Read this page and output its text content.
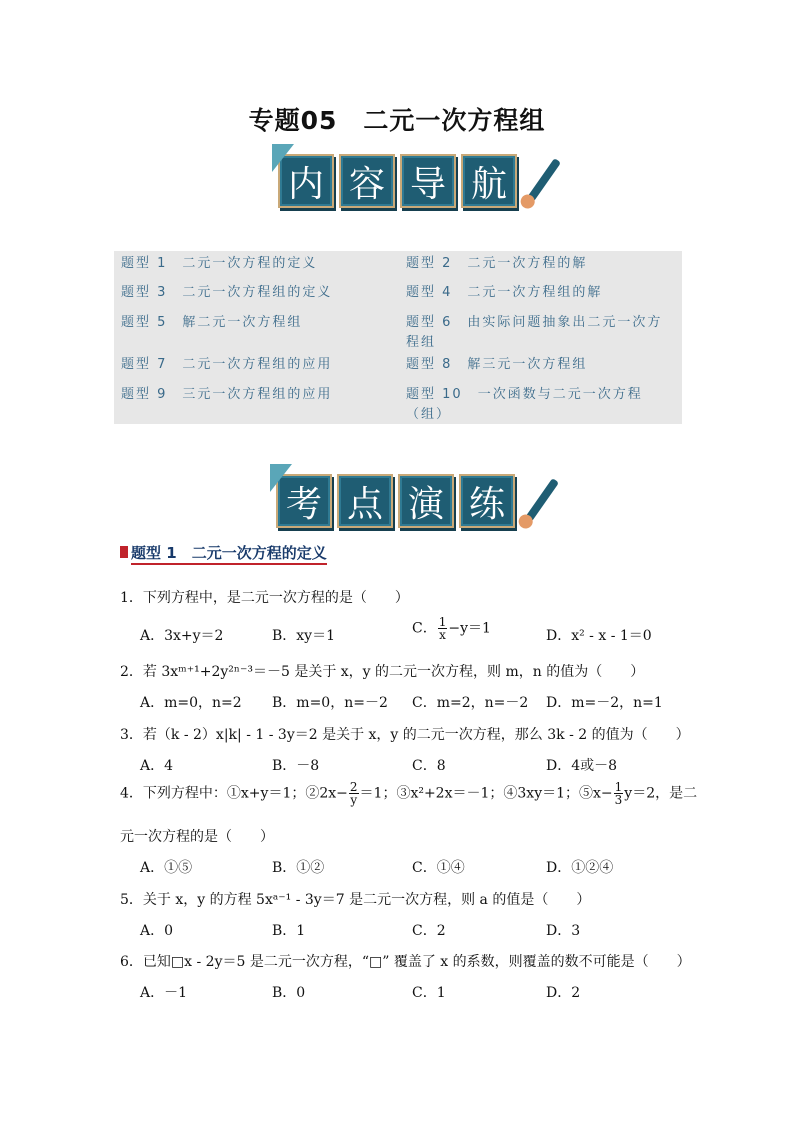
专题05　二元一次方程组
内 容 导 航
题型 1　 二元一次方程的定义	题型 2　 二元一次方程的解
题型 3　 二元一次方程组的定义	题型 4　 二元一次方程组的解
题型 5　 解二元一次方程组	题型 6　 由实际问题抽象出二元一次方程组
题型 7　 二元一次方程组的应用	题型 8　 解三元一次方程组
题型 9　 三元一次方程组的应用	题型 10　 一次函数与二元一次方程（组）
考 点 演 练
题型 1　 二元一次方程的定义
1．下列方程中，是二元一次方程的是（　　）
A．3x+y＝2	B．xy＝1	C． $\frac{1}{x} -y=1$	D．x² - x - 1＝0
2．若 3xᵐ⁺¹+2y²ⁿ⁻³＝－5 是关于 x，y 的二元一次方程，则 m，n 的值为（　　）
A．m=0，n=2 B．m=0，n=－2 C．m=2，n=－2 D．m=－2，n=1
3．若（k - 2）x|k| - 1 - 3y＝2 是关于 x，y 的二元一次方程，那么 3k - 2 的值为（　　）
A．4	B．－8	C．8	D．4或－8
4．下列方程中：①x+y＝1；②2x− $\frac{2}{y} =1$；③x²+2x＝－1；④3xy＝1；⑤x− $\frac{1}{3} y=2$，是二
元一次方程的是（　　）
A．①⑤	B．①②	C．①④	D．①②④
5．关于 x，y 的方程 5xᵃ⁻¹ - 3y＝7 是二元一次方程，则 a 的值是（　　）
A．0	B．1	C．2	D．3
6．已知□x - 2y＝5 是二元一次方程，“□” 覆盖了 x 的系数，则覆盖的数不可能是（　　）
A．－1	B．0	C．1	D．2
